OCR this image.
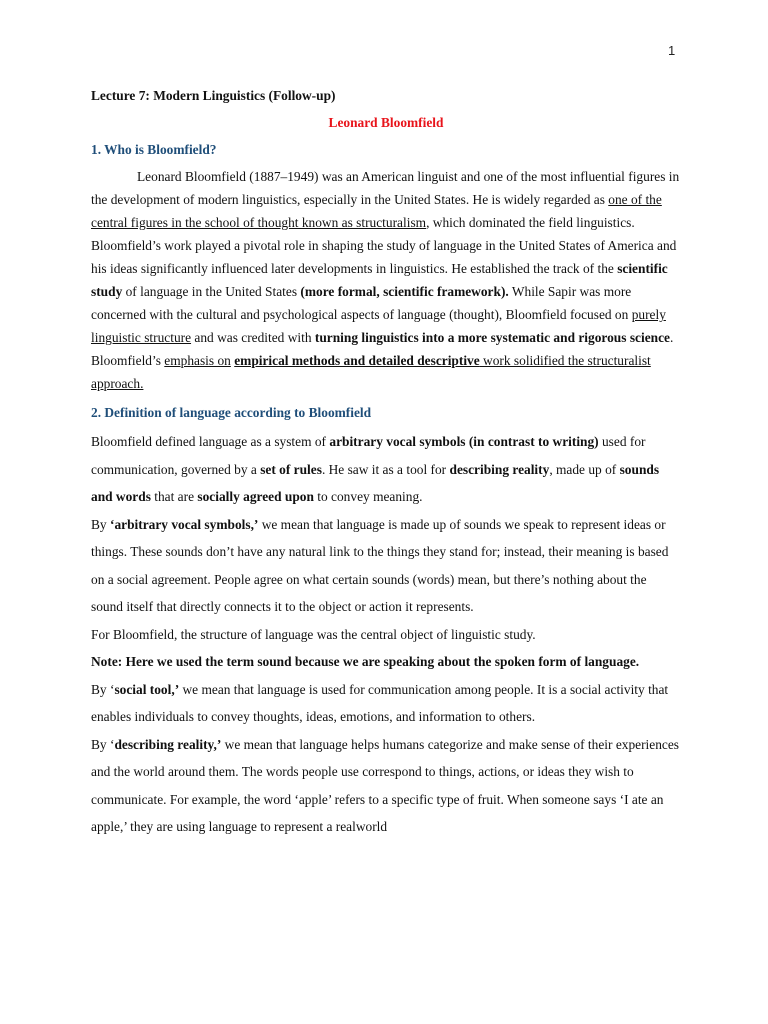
1
Lecture 7: Modern Linguistics (Follow-up)
Leonard Bloomfield
1. Who is Bloomfield?

Leonard Bloomfield (1887–1949) was an American linguist and one of the most influential figures in the development of modern linguistics, especially in the United States. He is widely regarded as one of the central figures in the school of thought known as structuralism, which dominated the field linguistics. Bloomfield’s work played a pivotal role in shaping the study of language in the United States of America and his ideas significantly influenced later developments in linguistics. He established the track of the scientific study of language in the United States (more formal, scientific framework). While Sapir was more concerned with the cultural and psychological aspects of language (thought), Bloomfield focused on purely linguistic structure and was credited with turning linguistics into a more systematic and rigorous science. Bloomfield’s emphasis on empirical methods and detailed descriptive work solidified the structuralist approach.

2. Definition of language according to Bloomfield

Bloomfield defined language as a system of arbitrary vocal symbols (in contrast to writing) used for communication, governed by a set of rules. He saw it as a tool for describing reality, made up of sounds and words that are socially agreed upon to convey meaning.

By ‘arbitrary vocal symbols,’ we mean that language is made up of sounds we speak to represent ideas or things. These sounds don’t have any natural link to the things they stand for; instead, their meaning is based on a social agreement. People agree on what certain sounds (words) mean, but there’s nothing about the sound itself that directly connects it to the object or action it represents.

For Bloomfield, the structure of language was the central object of linguistic study.

Note: Here we used the term sound because we are speaking about the spoken form of language.

By ‘social tool,’ we mean that language is used for communication among people. It is a social activity that enables individuals to convey thoughts, ideas, emotions, and information to others.

By ‘describing reality,’ we mean that language helps humans categorize and make sense of their experiences and the world around them. The words people use correspond to things, actions, or ideas they wish to communicate. For example, the word ‘apple’ refers to a specific type of fruit. When someone says ‘I ate an apple,’ they are using language to represent a realworld
